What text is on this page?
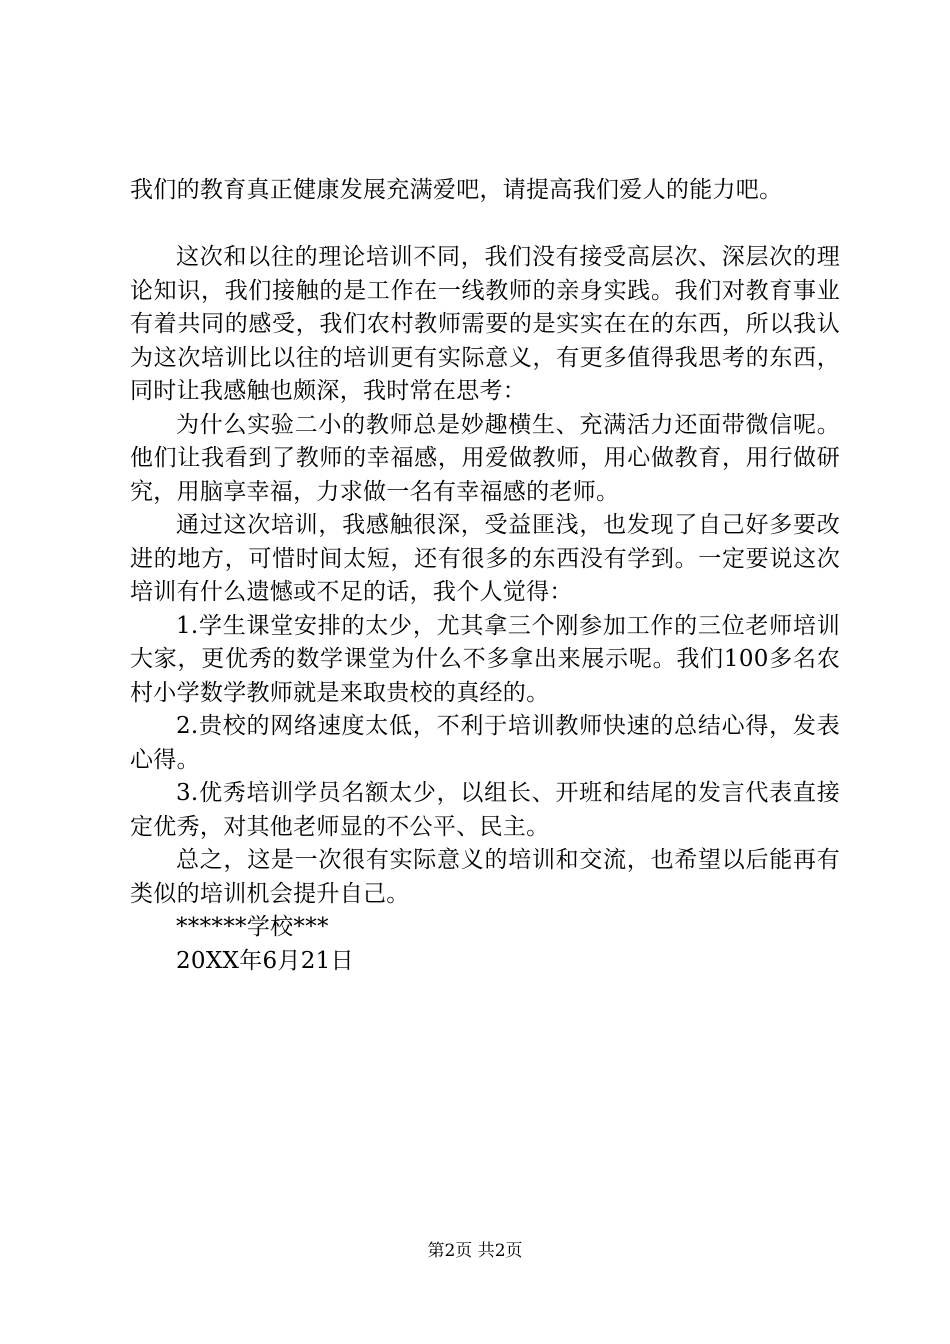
我们的教育真正健康发展充满爱吧，请提高我们爱人的能力吧。

这次和以往的理论培训不同，我们没有接受高层次、深层次的理论知识，我们接触的是工作在一线教师的亲身实践。我们对教育事业有着共同的感受，我们农村教师需要的是实实在在的东西，所以我认为这次培训比以往的培训更有实际意义，有更多值得我思考的东西，同时让我感触也颇深，我时常在思考：

为什么实验二小的教师总是妙趣横生、充满活力还面带微信呢。他们让我看到了教师的幸福感，用爱做教师，用心做教育，用行做研究，用脑享幸福，力求做一名有幸福感的老师。

通过这次培训，我感触很深，受益匪浅，也发现了自己好多要改进的地方，可惜时间太短，还有很多的东西没有学到。一定要说这次培训有什么遗憾或不足的话，我个人觉得：

1.学生课堂安排的太少，尤其拿三个刚参加工作的三位老师培训大家，更优秀的数学课堂为什么不多拿出来展示呢。我们100多名农村小学数学教师就是来取贵校的真经的。

2.贵校的网络速度太低，不利于培训教师快速的总结心得，发表心得。

3.优秀培训学员名额太少，以组长、开班和结尾的发言代表直接定优秀，对其他老师显的不公平、民主。

总之，这是一次很有实际意义的培训和交流，也希望以后能再有类似的培训机会提升自己。

******学校***

20XX年6月21日

第2页 共2页
